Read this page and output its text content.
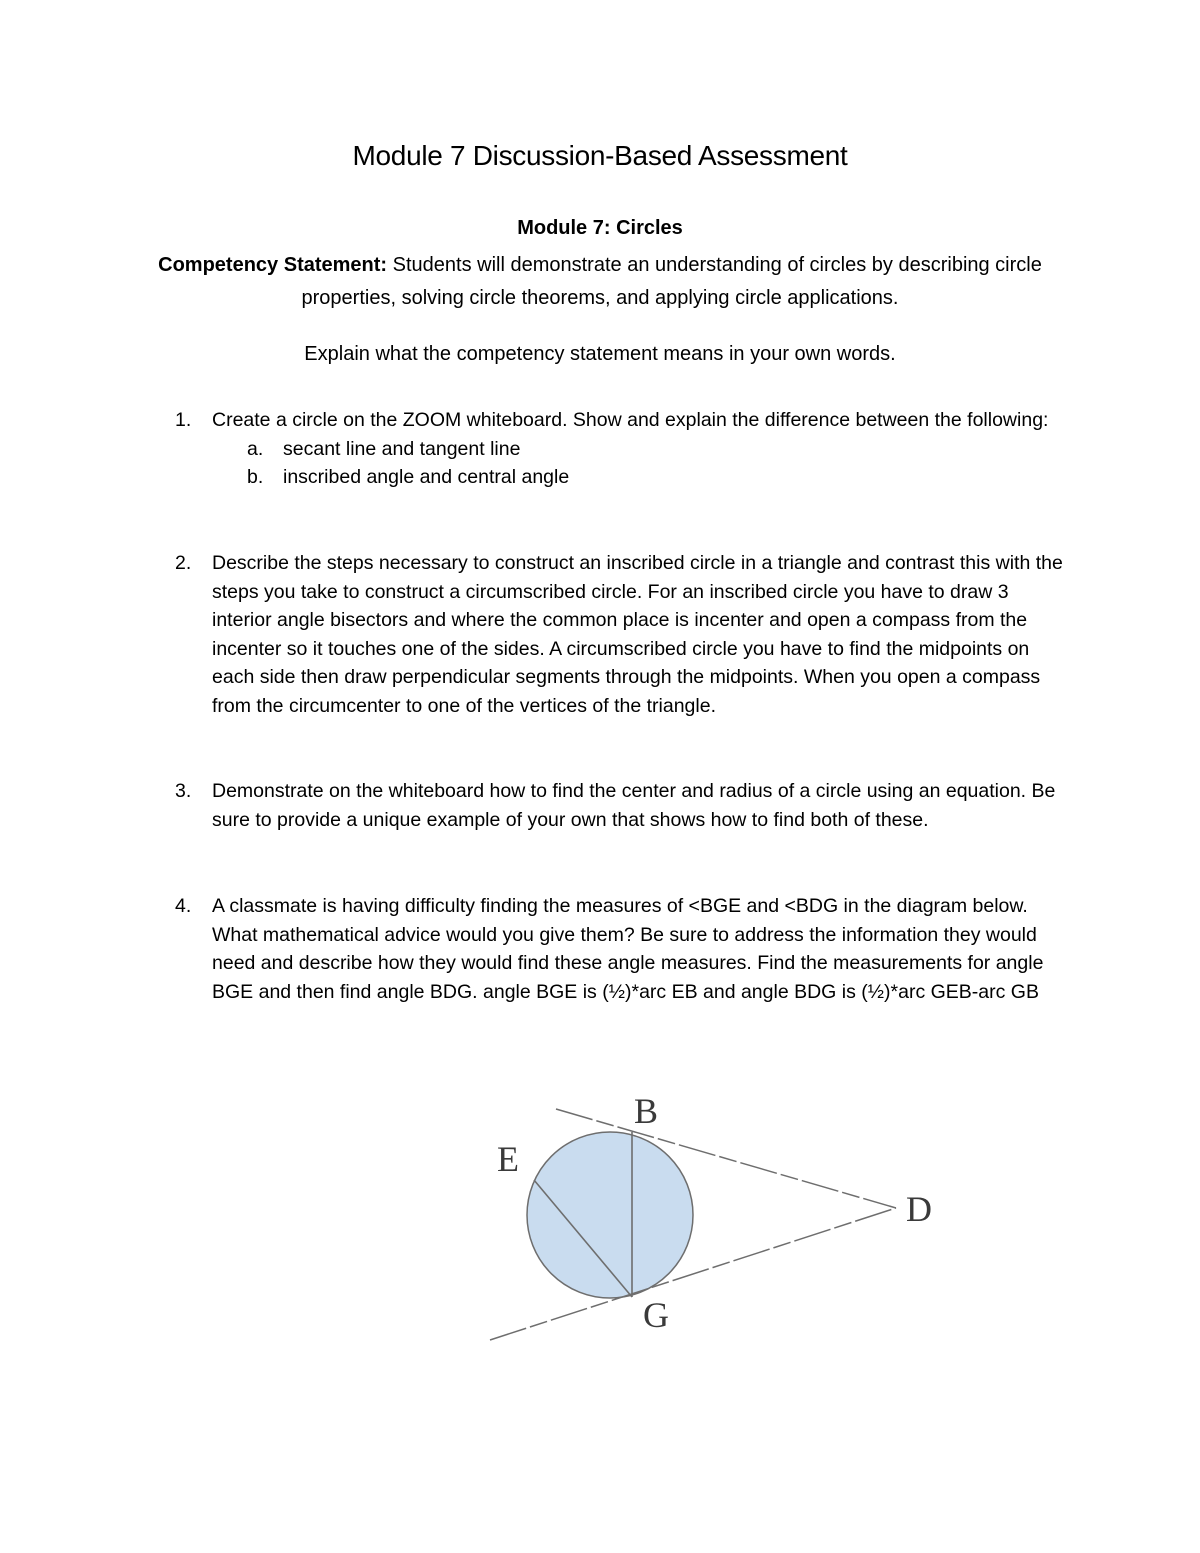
Module 7 Discussion-Based Assessment
Module 7: Circles
Competency Statement: Students will demonstrate an understanding of circles by describing circle properties, solving circle theorems, and applying circle applications.
Explain what the competency statement means in your own words.
1.	Create a circle on the ZOOM whiteboard. Show and explain the difference between the following:
a. secant line and tangent line
b. inscribed angle and central angle
2.	Describe the steps necessary to construct an inscribed circle in a triangle and contrast this with the steps you take to construct a circumscribed circle. For an inscribed circle you have to draw 3 interior angle bisectors and where the common place is incenter and open a compass from the incenter so it touches one of the sides. A circumscribed circle you have to find the midpoints on each side then draw perpendicular segments through the midpoints. When you open a compass from the circumcenter to one of the vertices of the triangle.
3.	Demonstrate on the whiteboard how to find the center and radius of a circle using an equation. Be sure to provide a unique example of your own that shows how to find both of these.
4.	A classmate is having difficulty finding the measures of <BGE and <BDG in the diagram below. What mathematical advice would you give them? Be sure to address the information they would need and describe how they would find these angle measures. Find the measurements for angle BGE and then find angle BDG. angle BGE is (½)*arc EB and angle BDG is (½)*arc GEB-arc GB
B
E
D
G
